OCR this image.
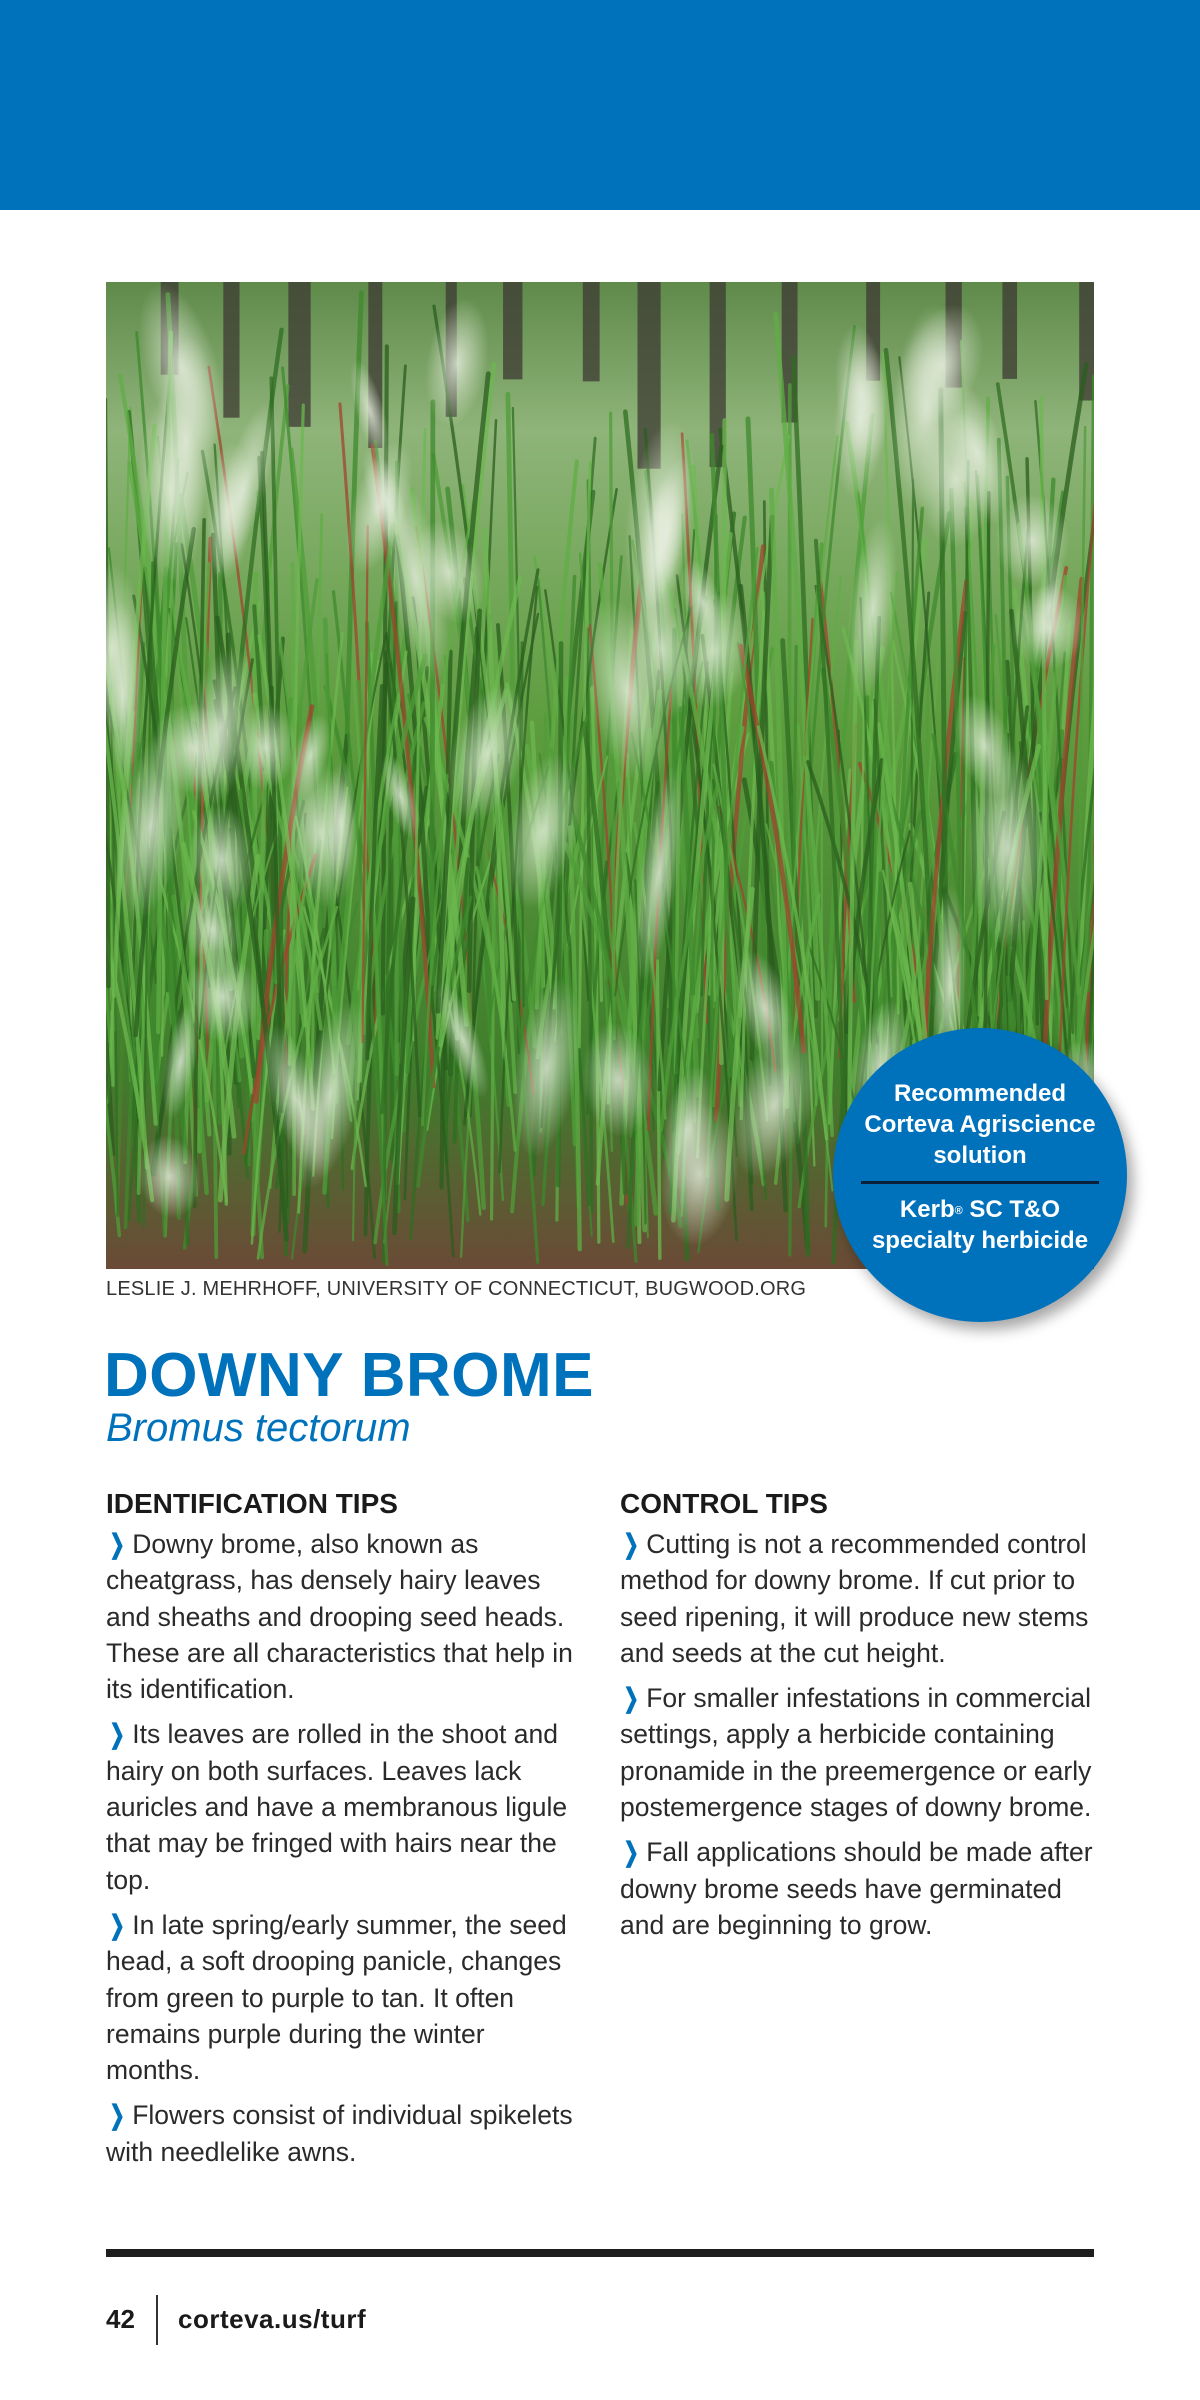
LESLIE J. MEHRHOFF, UNIVERSITY OF CONNECTICUT, BUGWOOD.ORG
Recommended Corteva Agriscience solution
Kerb® SC T&O specialty herbicide
DOWNY BROME
Bromus tectorum
IDENTIFICATION TIPS

❯ Downy brome, also known as cheatgrass, has densely hairy leaves and sheaths and drooping seed heads. These are all characteristics that help in its identification.

❯ Its leaves are rolled in the shoot and hairy on both surfaces. Leaves lack auricles and have a membranous ligule that may be fringed with hairs near the top.

❯ In late spring/early summer, the seed head, a soft drooping panicle, changes from green to purple to tan. It often remains purple during the winter months.

❯ Flowers consist of individual spikelets with needlelike awns.

CONTROL TIPS

❯ Cutting is not a recommended control method for downy brome. If cut prior to seed ripening, it will produce new stems and seeds at the cut height.

❯ For smaller infestations in commercial settings, apply a herbicide containing pronamide in the preemergence or early postemergence stages of downy brome.

❯ Fall applications should be made after downy brome seeds have germinated and are beginning to grow.

42 corteva.us/turf
